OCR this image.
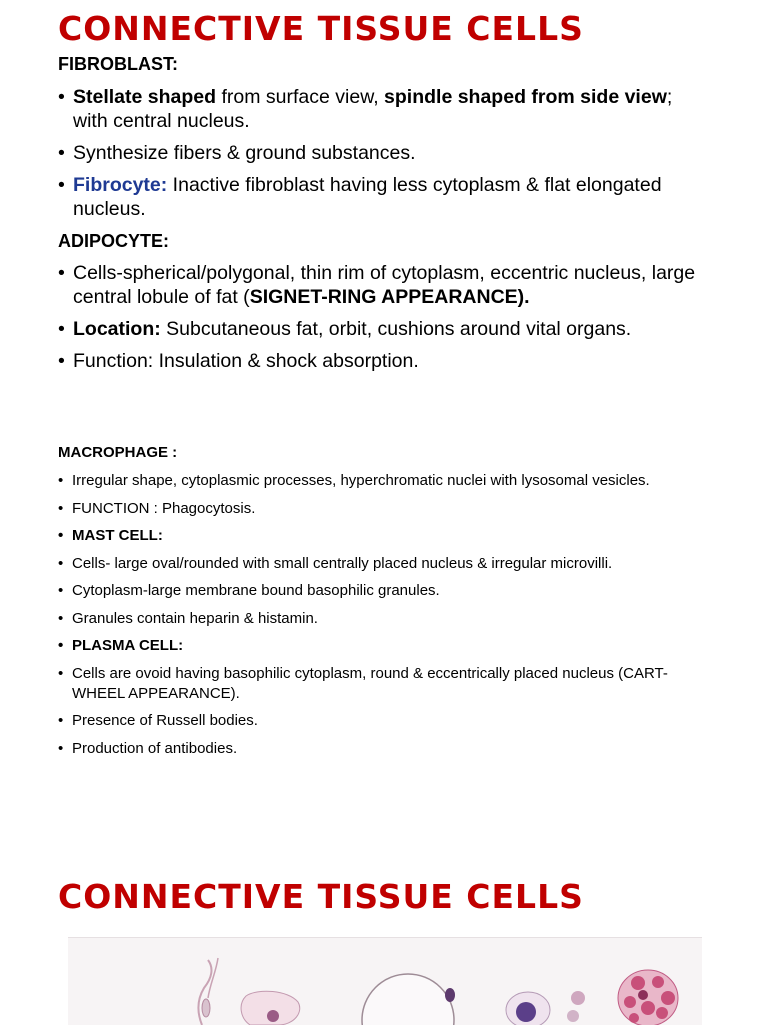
CONNECTIVE TISSUE CELLS

FIBROBLAST:

• Stellate shaped from surface view, spindle shaped from side view; with central nucleus.
• Synthesize fibers & ground substances.
• Fibrocyte: Inactive fibroblast having less cytoplasm & flat elongated nucleus.

ADIPOCYTE:

• Cells-spherical/polygonal, thin rim of cytoplasm, eccentric nucleus, large central lobule of fat (SIGNET-RING APPEARANCE).
• Location: Subcutaneous fat, orbit, cushions around vital organs.
• Function: Insulation & shock absorption.

MACROPHAGE :

• Irregular shape, cytoplasmic processes, hyperchromatic nuclei with lysosomal vesicles.
• FUNCTION : Phagocytosis.
• MAST CELL:
• Cells- large oval/rounded with small centrally placed nucleus & irregular microvilli.
• Cytoplasm-large membrane bound basophilic granules.
• Granules contain heparin & histamin.
• PLASMA CELL:
• Cells are ovoid having basophilic cytoplasm, round & eccentrically placed nucleus (CART-WHEEL APPEARANCE).
• Presence of Russell bodies.
• Production of antibodies.
CONNECTIVE TISSUE CELLS
